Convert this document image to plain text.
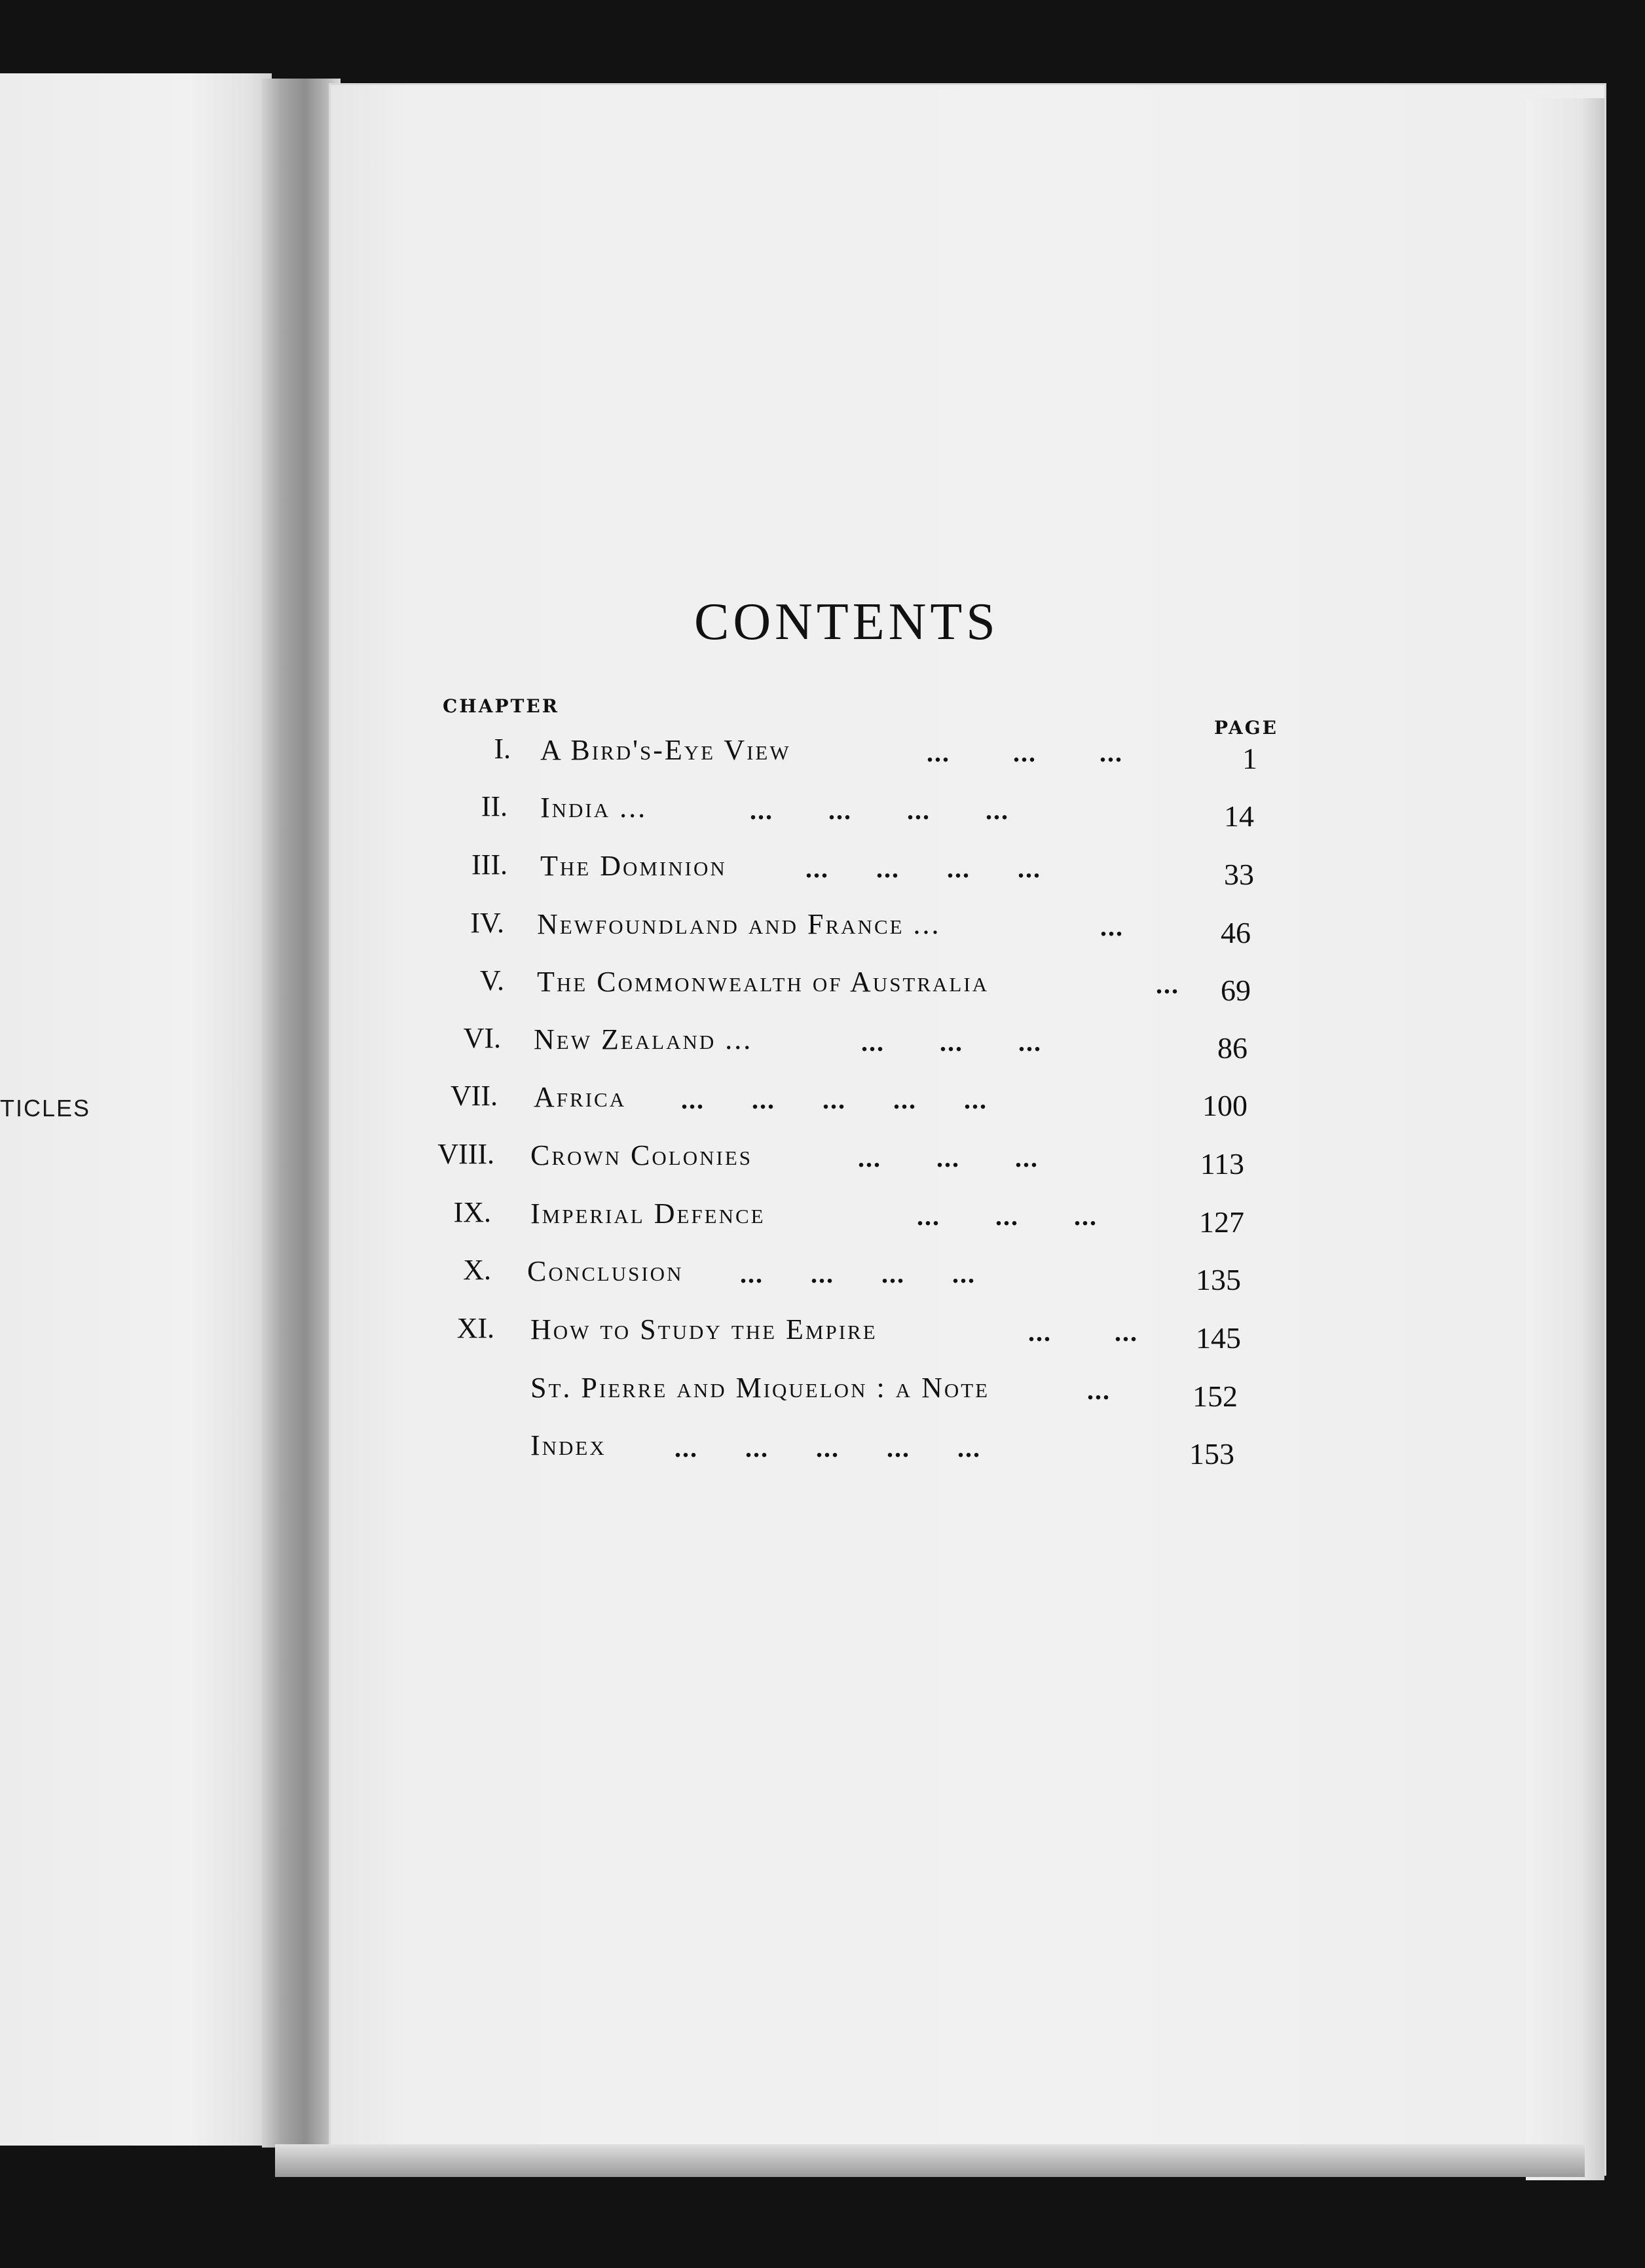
TICLES
CONTENTS
CHAPTER
PAGE
I. A Bird's-Eye View	...        ...        ...	1
II. India ...	...       ...       ...       ...	14
III. The Dominion	...      ...      ...      ...	33
IV. Newfoundland and France ...	...	46
V. The Commonwealth of Australia	...	69
VI. New Zealand ...	...       ...       ...	86
VII. Africa ...      ...      ...      ...      ...	100
VIII. Crown Colonies	...       ...       ...	113
IX. Imperial Defence	...       ...       ...	127
X. Conclusion ...      ...      ...      ...	135
XI. How to Study the Empire	...        ... 145
St. Pierre and Miquelon : a Note	...	152
Index	...      ...      ...      ...      ...	153
